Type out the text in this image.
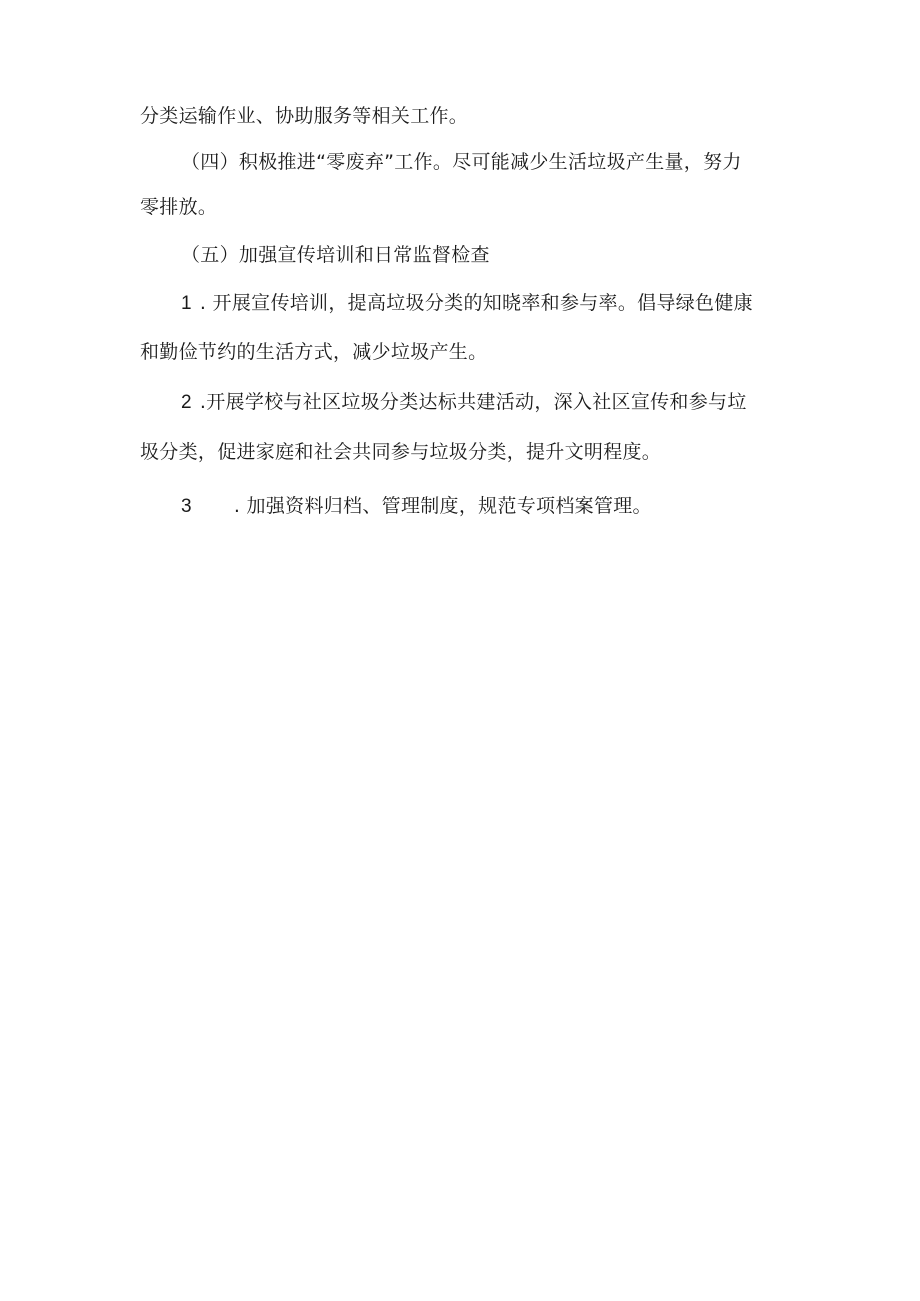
分类运输作业、协助服务等相关工作。
（四）积极推进“零废弃”工作。尽可能减少生活垃圾产生量，努力
零排放。
（五）加强宣传培训和日常监督检查
1 . 开展宣传培训，提高垃圾分类的知晓率和参与率。倡导绿色健康
和勤俭节约的生活方式，减少垃圾产生。
2 .开展学校与社区垃圾分类达标共建活动，深入社区宣传和参与垃
圾分类，促进家庭和社会共同参与垃圾分类，提升文明程度。
3 . 加强资料归档、管理制度，规范专项档案管理。
